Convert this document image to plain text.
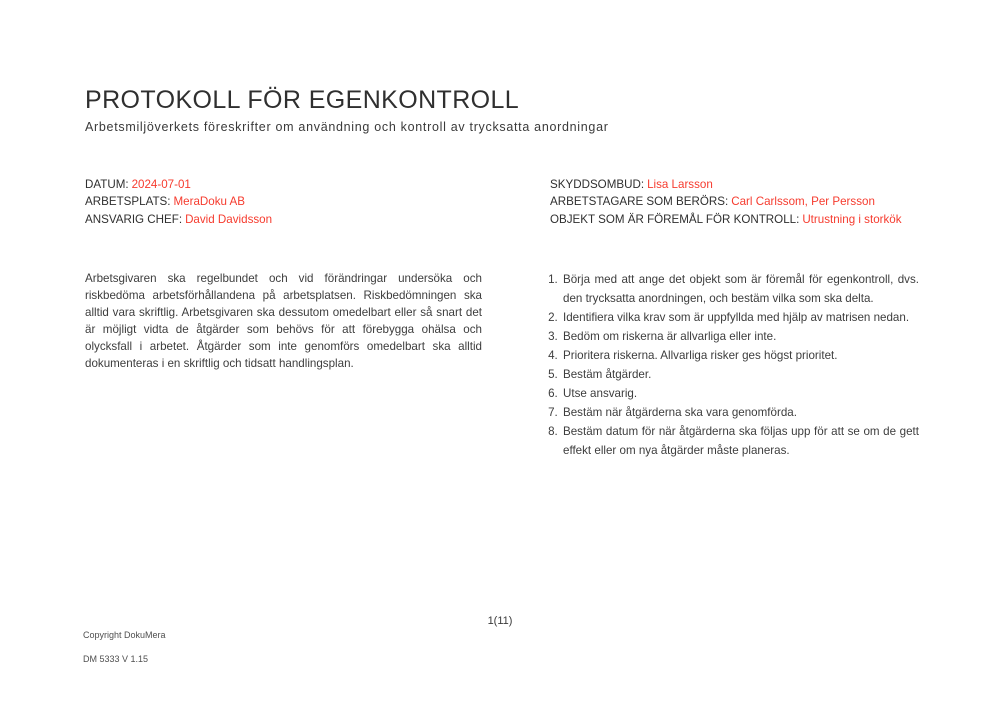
PROTOKOLL FÖR EGENKONTROLL
Arbetsmiljöverkets föreskrifter om användning och kontroll av trycksatta anordningar
DATUM: 2024-07-01
ARBETSPLATS: MeraDoku AB
ANSVARIG CHEF: David Davidsson
SKYDDSOMBUD: Lisa Larsson
ARBETSTAGARE SOM BERÖRS: Carl Carlssom, Per Persson
OBJEKT SOM ÄR FÖREMÅL FÖR KONTROLL: Utrustning i storkök
Arbetsgivaren ska regelbundet och vid förändringar undersöka och riskbedöma arbetsförhållandena på arbetsplatsen. Riskbedömningen ska alltid vara skriftlig. Arbetsgivaren ska dessutom omedelbart eller så snart det är möjligt vidta de åtgärder som behövs för att förebygga ohälsa och olycksfall i arbetet. Åtgärder som inte genomförs omedelbart ska alltid dokumenteras i en skriftlig och tidsatt handlingsplan.
1. Börja med att ange det objekt som är föremål för egenkontroll, dvs. den trycksatta anordningen, och bestäm vilka som ska delta.
2. Identifiera vilka krav som är uppfyllda med hjälp av matrisen nedan.
3. Bedöm om riskerna är allvarliga eller inte.
4. Prioritera riskerna. Allvarliga risker ges högst prioritet.
5. Bestäm åtgärder.
6. Utse ansvarig.
7. Bestäm när åtgärderna ska vara genomförda.
8. Bestäm datum för när åtgärderna ska följas upp för att se om de gett effekt eller om nya åtgärder måste planeras.
1(11)
Copyright DokuMera
DM 5333 V 1.15
